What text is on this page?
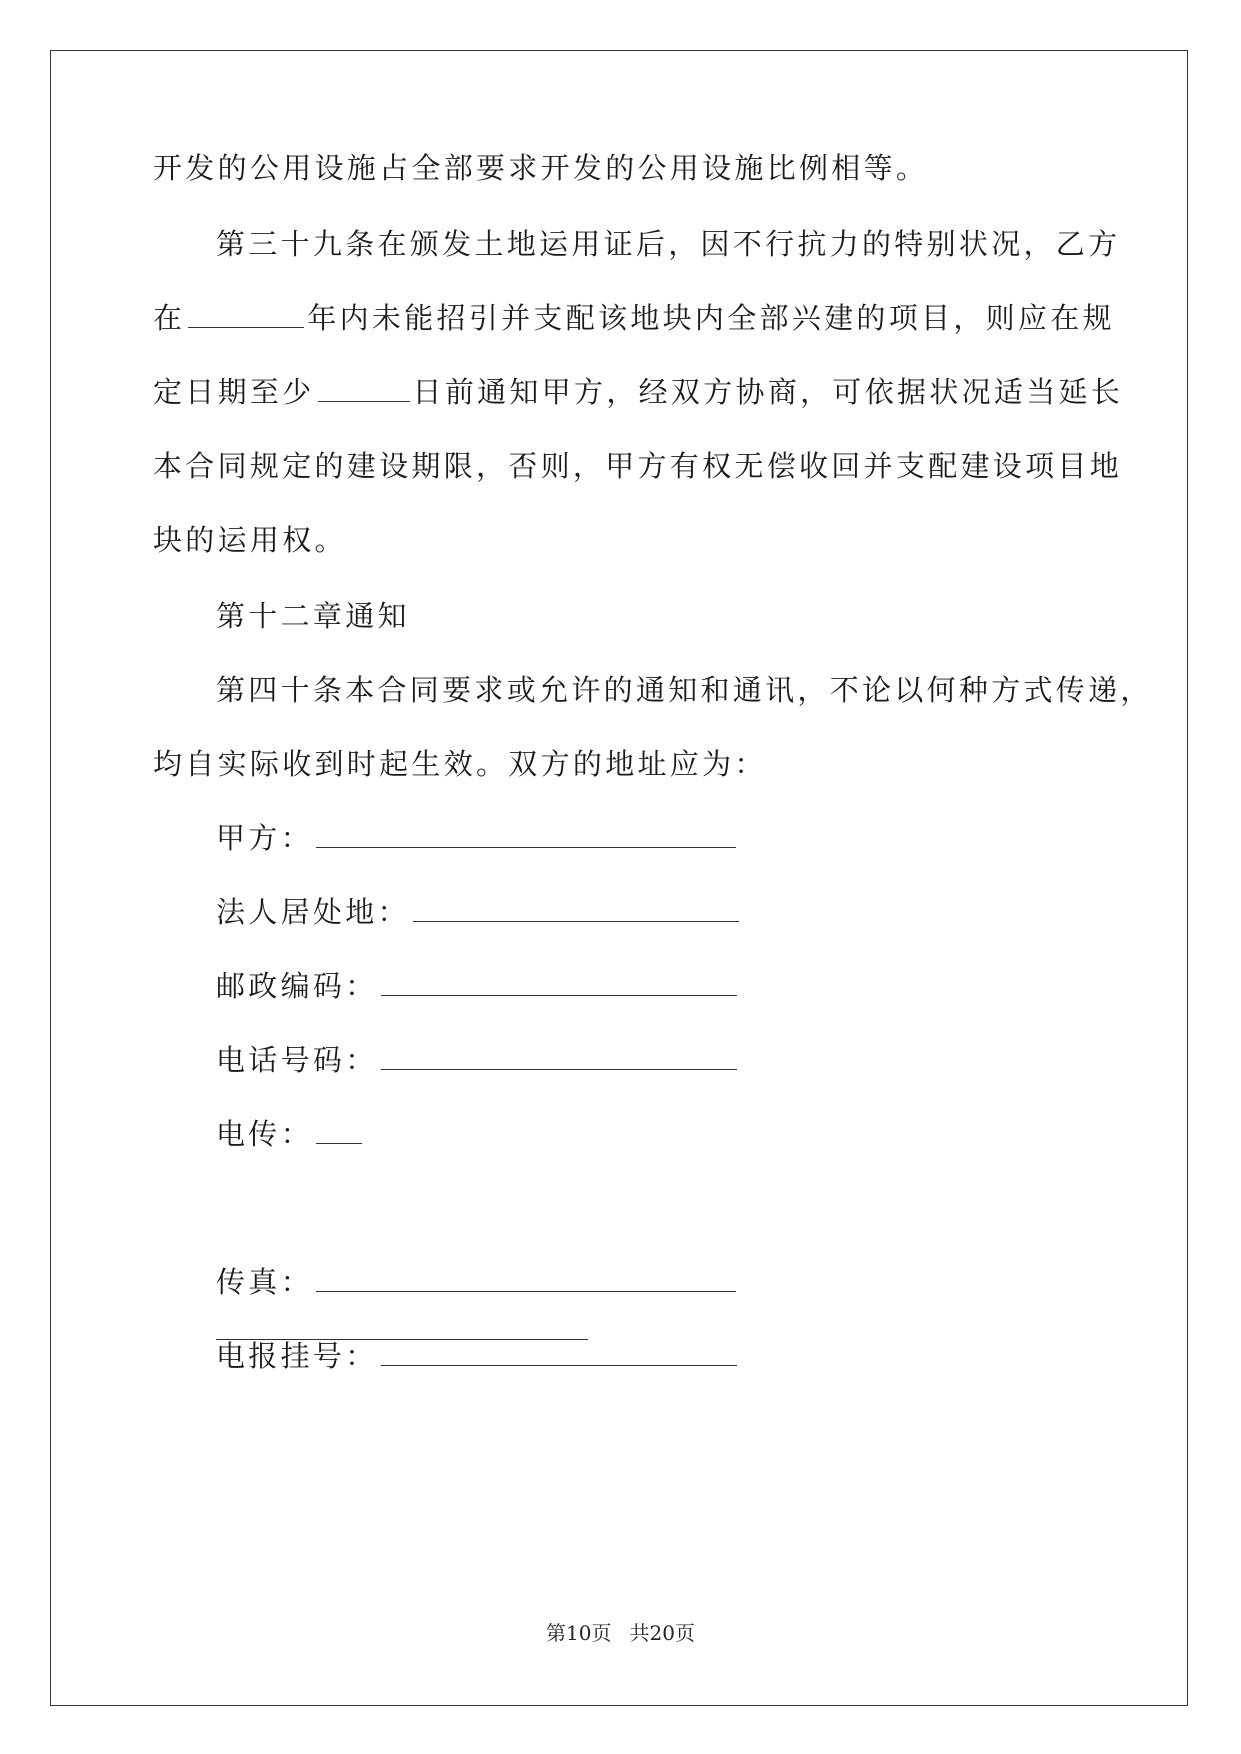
开发的公用设施占全部要求开发的公用设施比例相等。
第三十九条在颁发土地运用证后，因不行抗力的特别状况，乙方
在	年内未能招引并支配该地块内全部兴建的项目，则应在规
定日期至少	日前通知甲方，经双方协商，可依据状况适当延长
本合同规定的建设期限，否则，甲方有权无偿收回并支配建设项目地
块的运用权。
第十二章通知
第四十条本合同要求或允许的通知和通讯，不论以何种方式传递，
均自实际收到时起生效。双方的地址应为：
甲方：
法人居处地：
邮政编码：
电话号码：
电传：
传真：
电报挂号：
第10页 共20页
